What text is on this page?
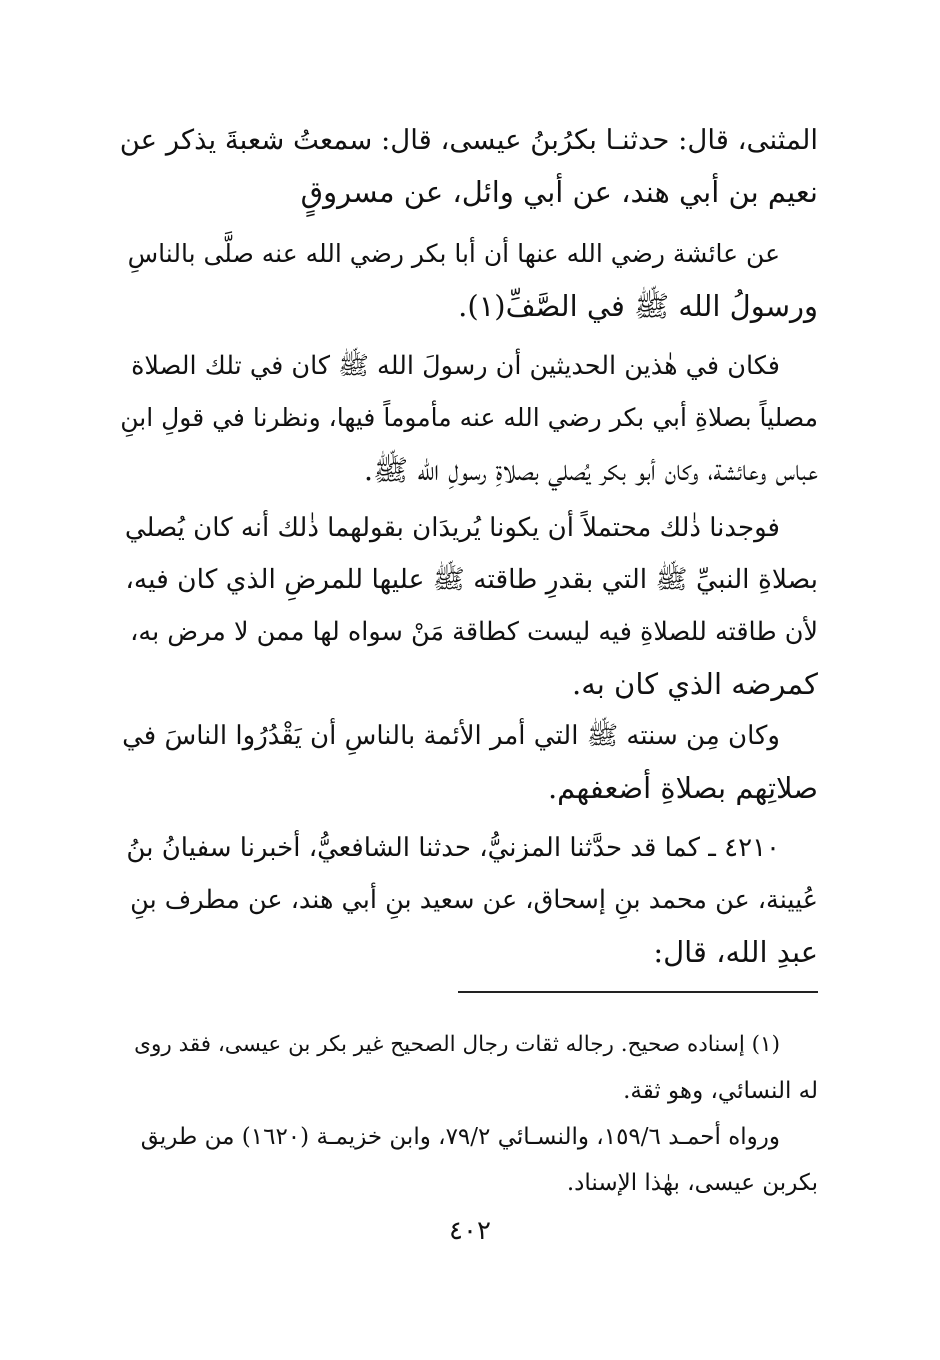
المثنى، قال: حدثنـا بكرُبنُ عيسى، قال: سمعتُ شعبةَ يذكر عن
نعيم بن أبي هند، عن أبي وائل، عن مسروقٍ
عن عائشة رضي الله عنها أن أبا بكر رضي الله عنه صلَّى بالناسِ
ورسولُ الله ﷺ في الصَّفِّ(١).
فكان في هٰذين الحديثين أن رسولَ الله ﷺ كان في تلك الصلاة
مصلياً بصلاةِ أبي بكر رضي الله عنه مأموماً فيها، ونظرنا في قولِ ابنِ
عباس وعائشة، وكان أبو بكر يُصلي بصلاةِ رسولِ الله ﷺ.
فوجدنا ذٰلك محتملاً أن يكونا يُريدَان بقولهما ذٰلك أنه كان يُصلي
بصلاةِ النبيِّ ﷺ التي بقدرِ طاقته ﷺ عليها للمرضِ الذي كان فيه،
لأن طاقته للصلاةِ فيه ليست كطاقة مَنْ سواه لها ممن لا مرض به،
كمرضه الذي كان به.
وكان مِن سنته ﷺ التي أمر الأئمة بالناسِ أن يَقْدُرُوا الناسَ في
صلاتِهم بصلاةِ أضعفهم.
٤٢١٠ ـ كما قد حدَّثنا المزنيُّ، حدثنا الشافعيُّ، أخبرنا سفيانُ بنُ
عُيينة، عن محمد بنِ إسحاق، عن سعيد بنِ أبي هند، عن مطرف بنِ
عبدِ الله، قال:
(١) إسناده صحيح. رجاله ثقات رجال الصحيح غير بكر بن عيسى، فقد روى
له النسائي، وهو ثقة.
ورواه أحمـد ١٥٩/٦، والنسـائي ٧٩/٢، وابن خزيمـة (١٦٢٠) من طريق
بكربن عيسى، بهٰذا الإسناد.
٤٠٢
